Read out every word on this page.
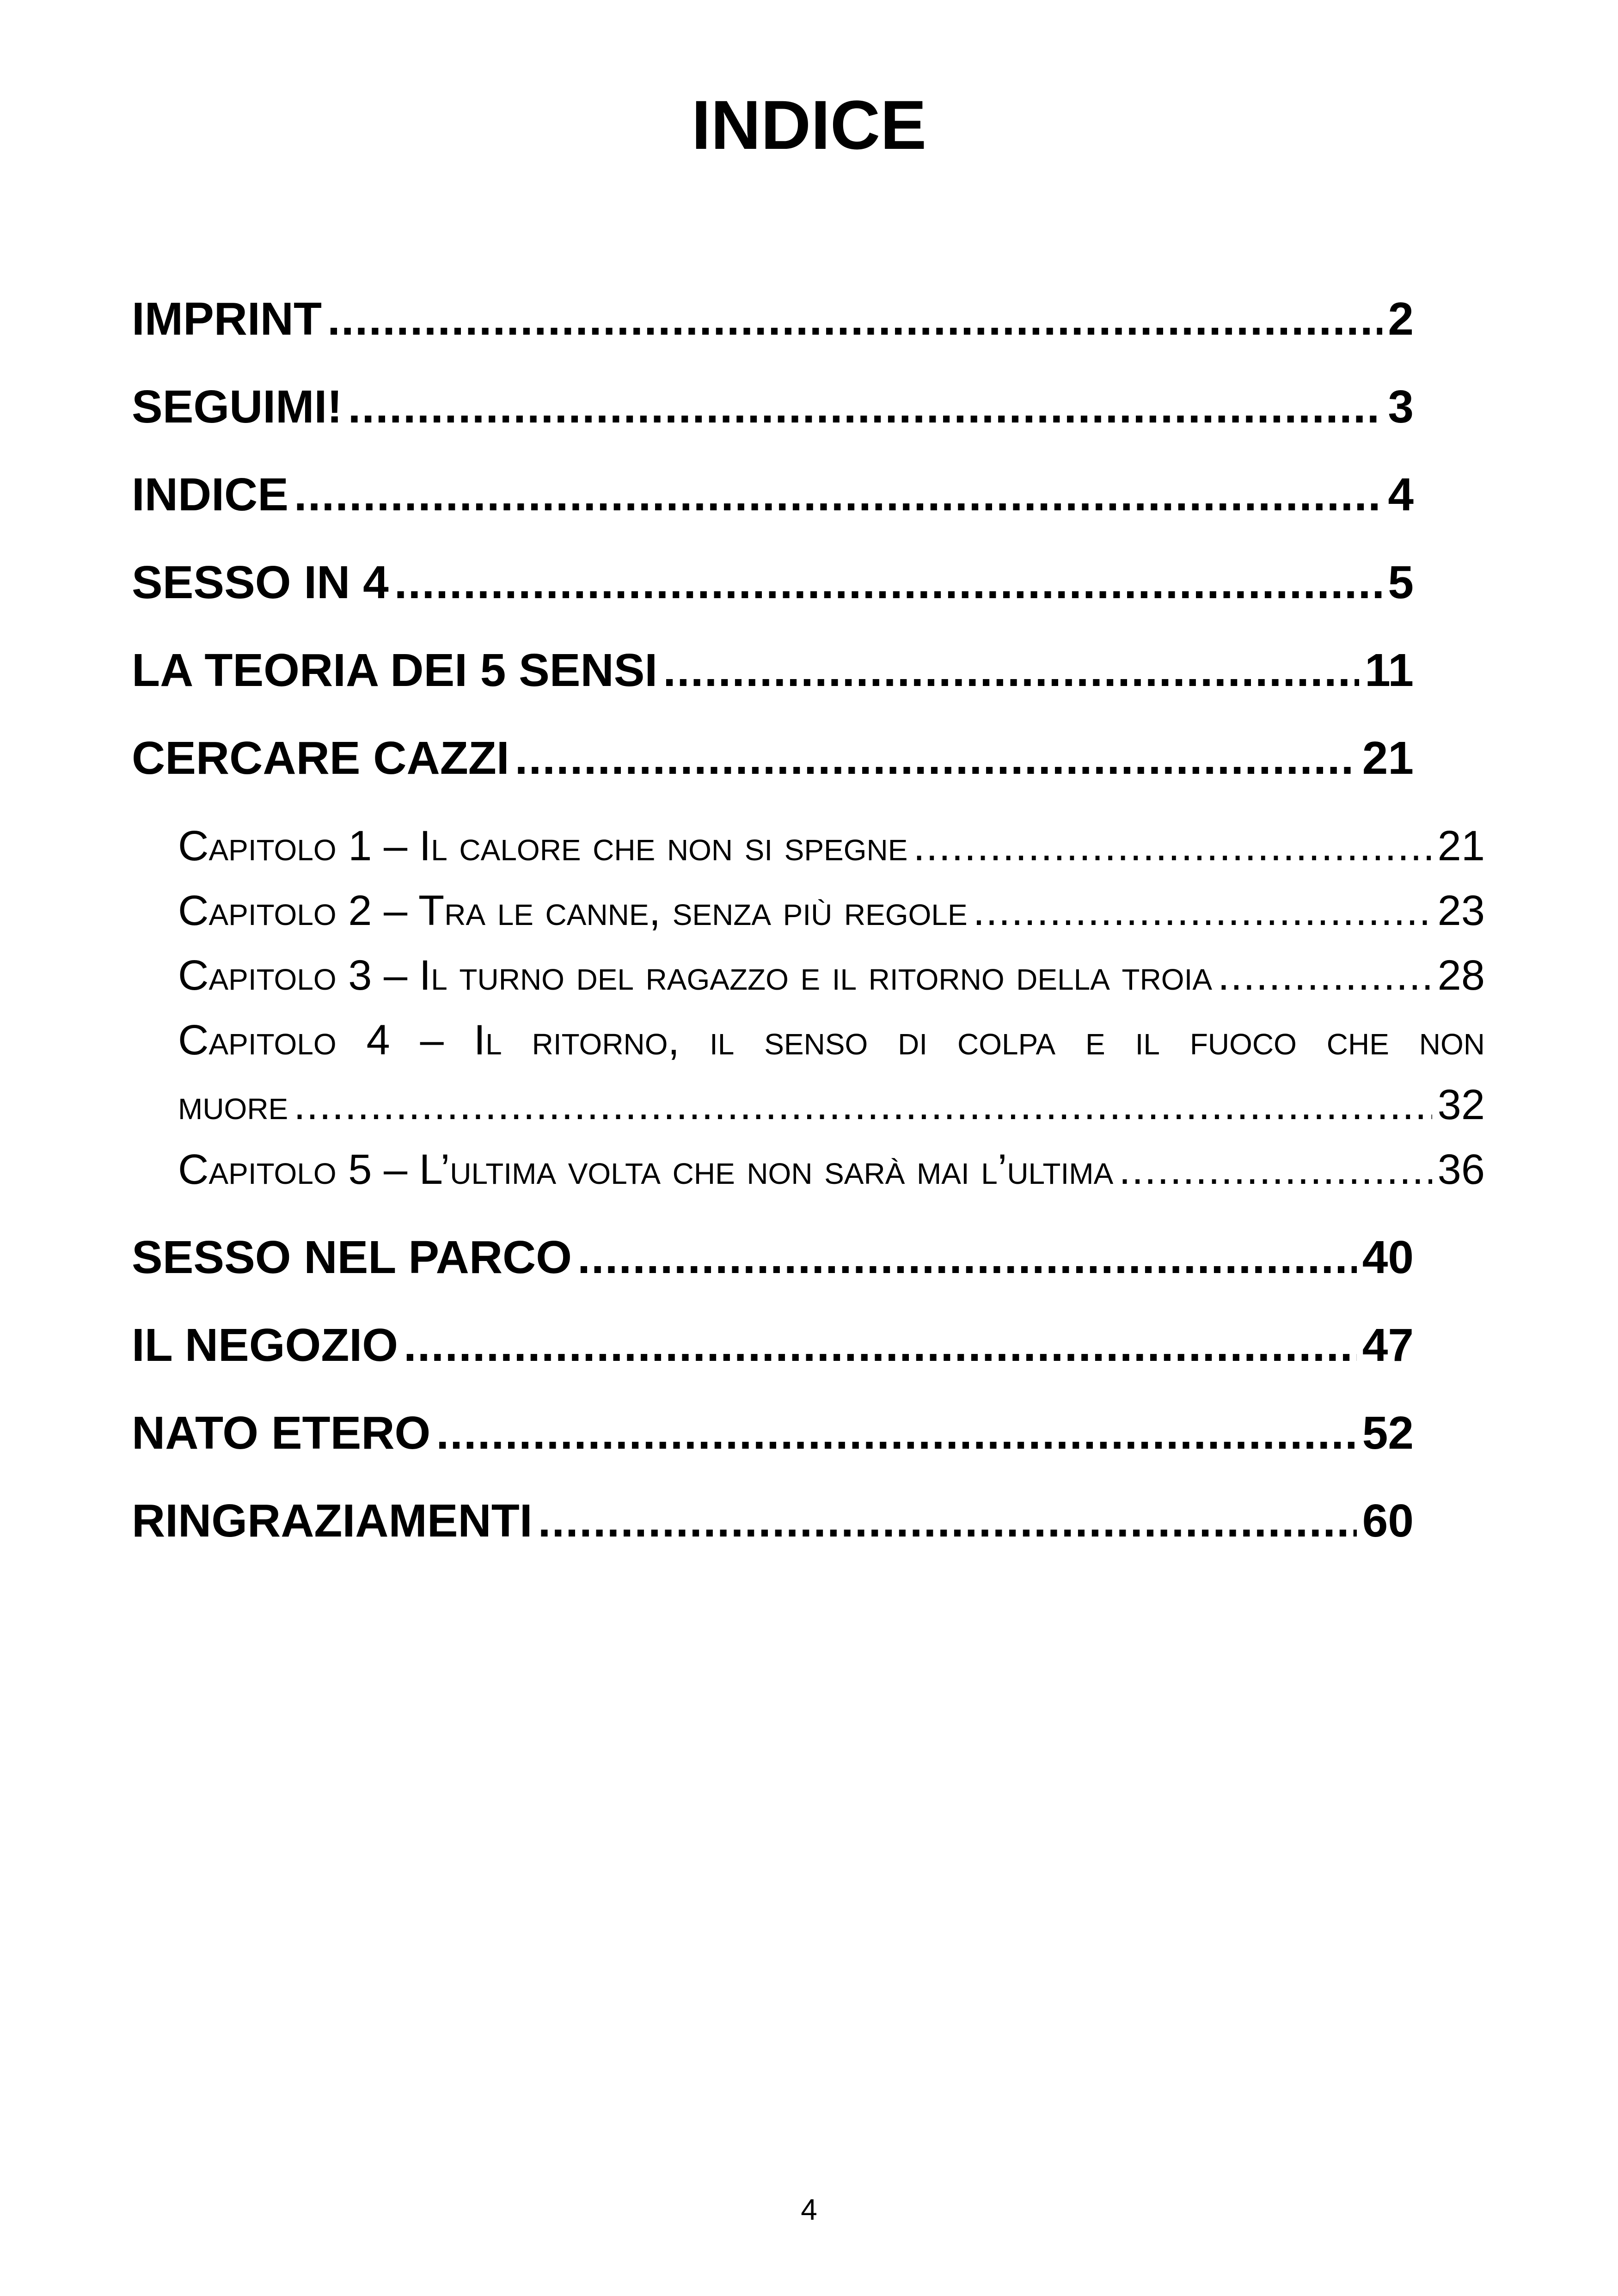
INDICE
IMPRINT .....	2
SEGUIMI! .....	3
INDICE .....	4
SESSO IN 4 .....	5
LA TEORIA DEI 5 SENSI .....	11
CERCARE CAZZI .....	21
Capitolo 1 – Il calore che non si spegne .....	21
Capitolo 2 – Tra le canne, senza più regole .....	23
Capitolo 3 – Il turno del ragazzo e il ritorno della troia .....	28
Capitolo 4 – Il ritorno, il senso di colpa e il fuoco che non
muore .....	32
Capitolo 5 – L’ultima volta che non sarà mai l’ultima .....	36
SESSO NEL PARCO .....	40
IL NEGOZIO .....	47
NATO ETERO .....	52
RINGRAZIAMENTI .....	60
4
